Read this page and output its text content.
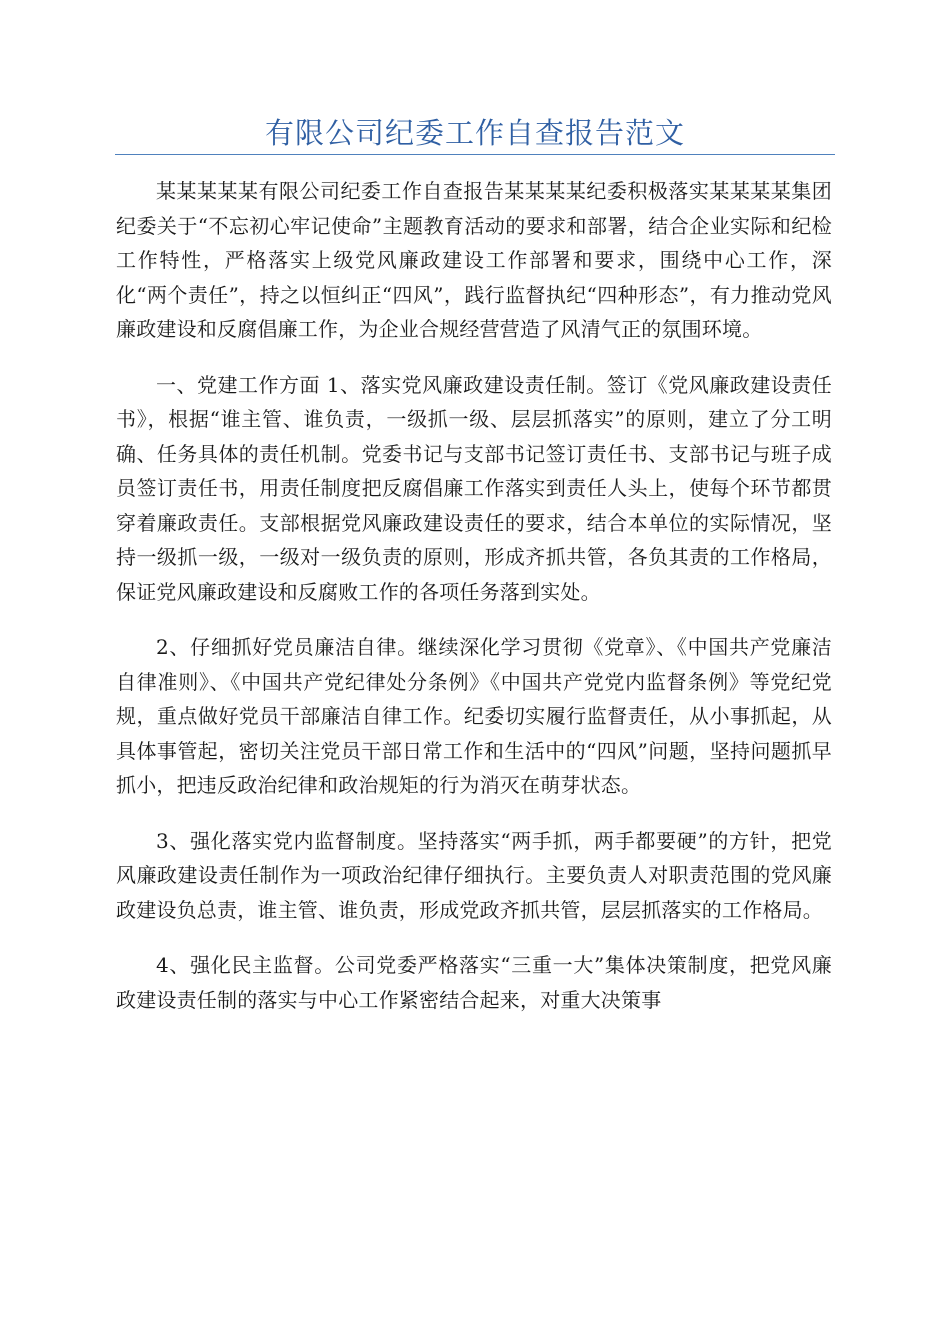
有限公司纪委工作自查报告范文

某某某某某有限公司纪委工作自查报告某某某某纪委积极落实某某某某集团纪委关于“不忘初心牢记使命”主题教育活动的要求和部署，结合企业实际和纪检工作特性，严格落实上级党风廉政建设工作部署和要求，围绕中心工作，深化“两个责任”，持之以恒纠正“四风”，践行监督执纪“四种形态”，有力推动党风廉政建设和反腐倡廉工作，为企业合规经营营造了风清气正的氛围环境。

一、党建工作方面 1、落实党风廉政建设责任制。签订《党风廉政建设责任书》，根据“谁主管、谁负责，一级抓一级、层层抓落实”的原则，建立了分工明确、任务具体的责任机制。党委书记与支部书记签订责任书、支部书记与班子成员签订责任书，用责任制度把反腐倡廉工作落实到责任人头上，使每个环节都贯穿着廉政责任。支部根据党风廉政建设责任的要求，结合本单位的实际情况，坚持一级抓一级，一级对一级负责的原则，形成齐抓共管，各负其责的工作格局，保证党风廉政建设和反腐败工作的各项任务落到实处。

2、仔细抓好党员廉洁自律。继续深化学习贯彻《党章》、《中国共产党廉洁自律准则》、《中国共产党纪律处分条例》《中国共产党党内监督条例》等党纪党规，重点做好党员干部廉洁自律工作。纪委切实履行监督责任，从小事抓起，从具体事管起，密切关注党员干部日常工作和生活中的“四风”问题，坚持问题抓早抓小，把违反政治纪律和政治规矩的行为消灭在萌芽状态。

3、强化落实党内监督制度。坚持落实“两手抓，两手都要硬”的方针，把党风廉政建设责任制作为一项政治纪律仔细执行。主要负责人对职责范围的党风廉政建设负总责，谁主管、谁负责，形成党政齐抓共管，层层抓落实的工作格局。

4、强化民主监督。公司党委严格落实“三重一大”集体决策制度，把党风廉政建设责任制的落实与中心工作紧密结合起来，对重大决策事
